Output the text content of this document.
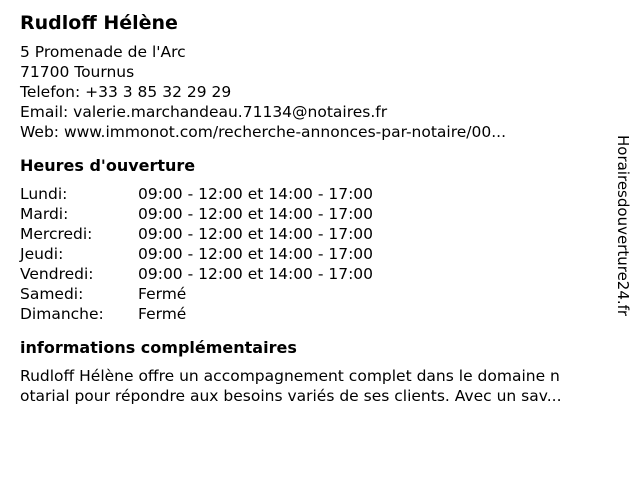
Rudloff Hélène
5 Promenade de l'Arc
71700 Tournus
Telefon: +33 3 85 32 29 29
Email: valerie.marchandeau.71134@notaires.fr
Web: www.immonot.com/recherche-annonces-par-notaire/00...
Heures d'ouverture
Lundi:	09:00 - 12:00 et 14:00 - 17:00
Mardi:	09:00 - 12:00 et 14:00 - 17:00
Mercredi:	09:00 - 12:00 et 14:00 - 17:00
Jeudi:	09:00 - 12:00 et 14:00 - 17:00
Vendredi:	09:00 - 12:00 et 14:00 - 17:00
Samedi:	Fermé
Dimanche:	Fermé
informations complémentaires
Rudloff Hélène offre un accompagnement complet dans le domaine n
otarial pour répondre aux besoins variés de ses clients. Avec un sav...
Horairesdouverture24.fr
